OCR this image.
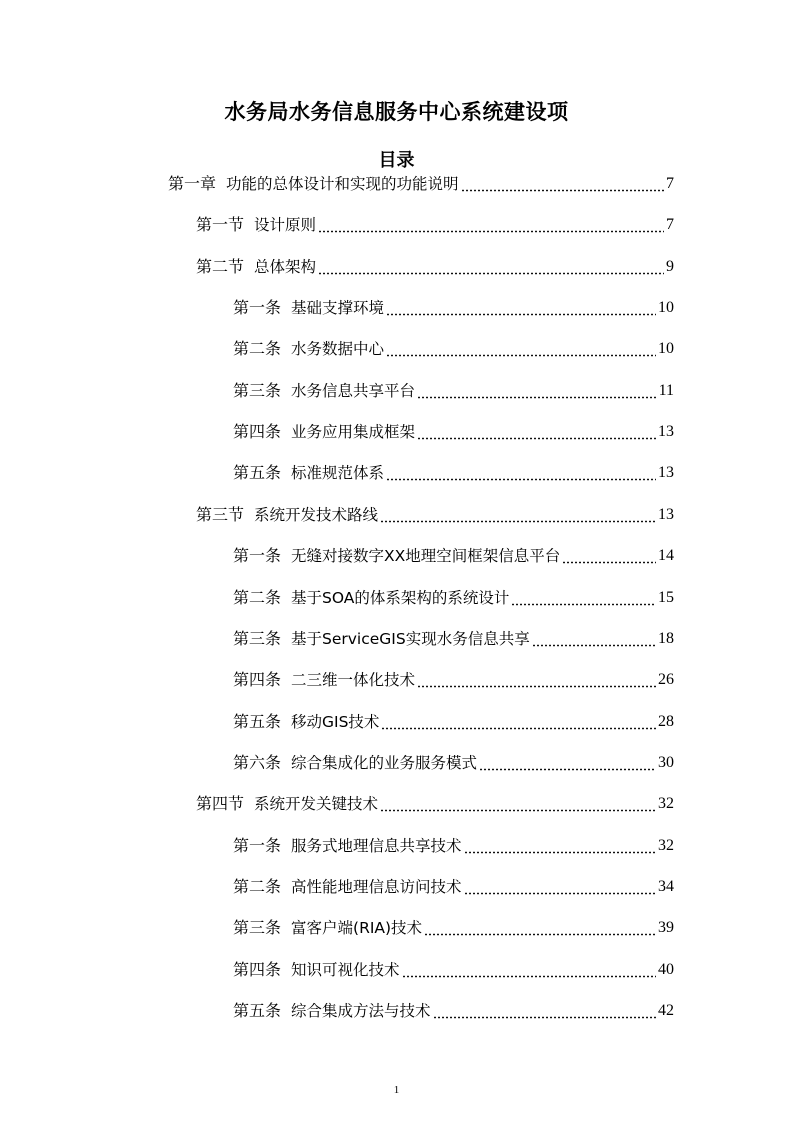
水务局水务信息服务中心系统建设项
目录
第一章 功能的总体设计和实现的功能说明	7
第一节 设计原则	7
第二节 总体架构	9
第一条 基础支撑环境	10
第二条 水务数据中心	10
第三条 水务信息共享平台	11
第四条 业务应用集成框架	13
第五条 标准规范体系	13
第三节 系统开发技术路线	13
第一条 无缝对接数字XX地理空间框架信息平台	14
第二条 基于SOA的体系架构的系统设计	15
第三条 基于ServiceGIS实现水务信息共享	18
第四条 二三维一体化技术	26
第五条 移动GIS技术	28
第六条 综合集成化的业务服务模式	30
第四节 系统开发关键技术	32
第一条 服务式地理信息共享技术	32
第二条 高性能地理信息访问技术	34
第三条 富客户端(RIA)技术	39
第四条 知识可视化技术	40
第五条 综合集成方法与技术	42
1
